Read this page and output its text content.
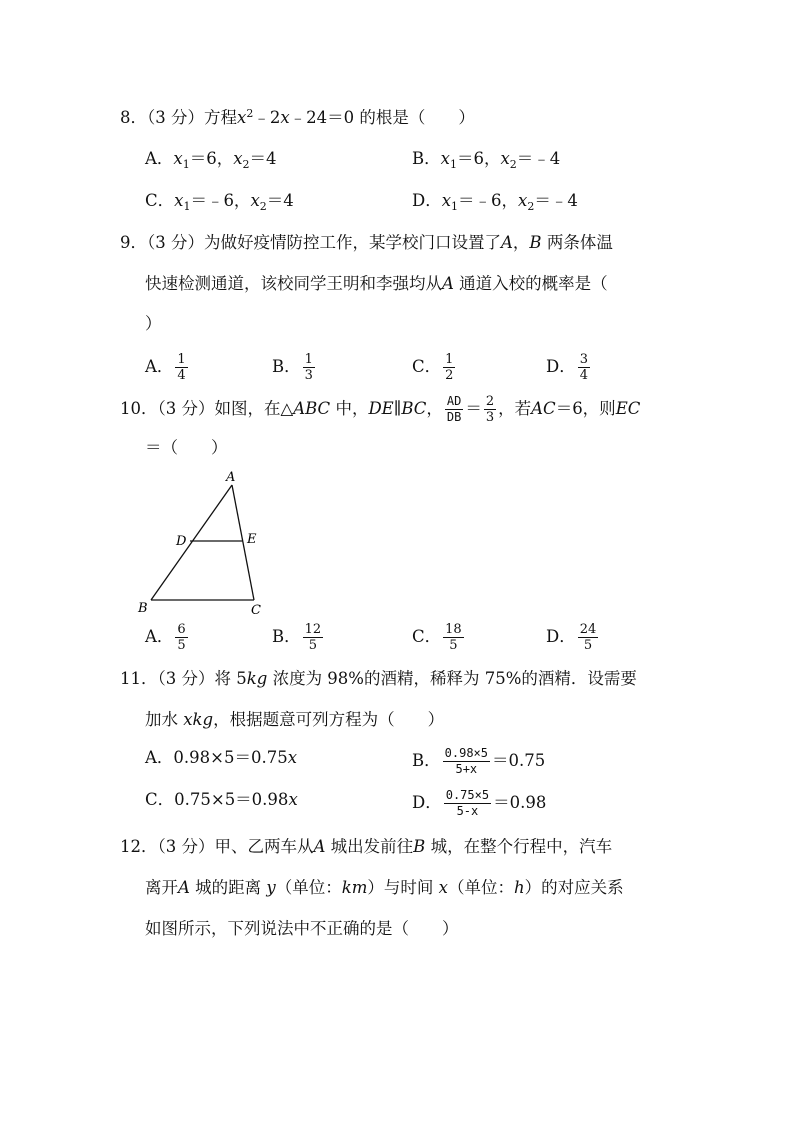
8．（3 分）方程$x^2﹣2x﹣24=0$ 的根是（　　）
A．$x_1=6$，$x_2=4$	B．$x_1=6$，$x_2=﹣4$
C．$x_1=﹣6$，$x_2=4$	D．$x_1=﹣6$，$x_2=﹣4$
9．（3 分）为做好疫情防控工作，某学校门口设置了A，B 两条体温
快速检测通道，该校同学王明和李强均从A 通道入校的概率是（
）
A． $\frac{1}{4}$	B． $\frac{1}{3}$	C． $\frac{1}{2}$	D． $\frac{3}{4}$
10．（3 分）如图，在△ABC 中，DE∥BC， $\frac{AD}{DB} = \frac{2}{3}$ ，若AC＝6，则EC
＝（　　）
A
D	E
B	C
A． $\frac{6}{5}$	B． $\frac{12}{5}$	C． $\frac{18}{5}$	D． $\frac{24}{5}$
11．（3 分）将 5kg 浓度为 98%的酒精，稀释为 75%的酒精．设需要
加水 xkg，根据题意可列方程为（　　）
A．0.98×5＝0.75x	B． $\frac{0.98\times 5}{5+x} =0.75$
C．0.75×5＝0.98x	D． $\frac{0.75\times 5}{5-x} =0.98$
12．（3 分）甲、乙两车从A 城出发前往B 城，在整个行程中，汽车
离开A 城的距离 y（单位：km）与时间 x（单位：h）的对应关系
如图所示，下列说法中不正确的是（　　）
